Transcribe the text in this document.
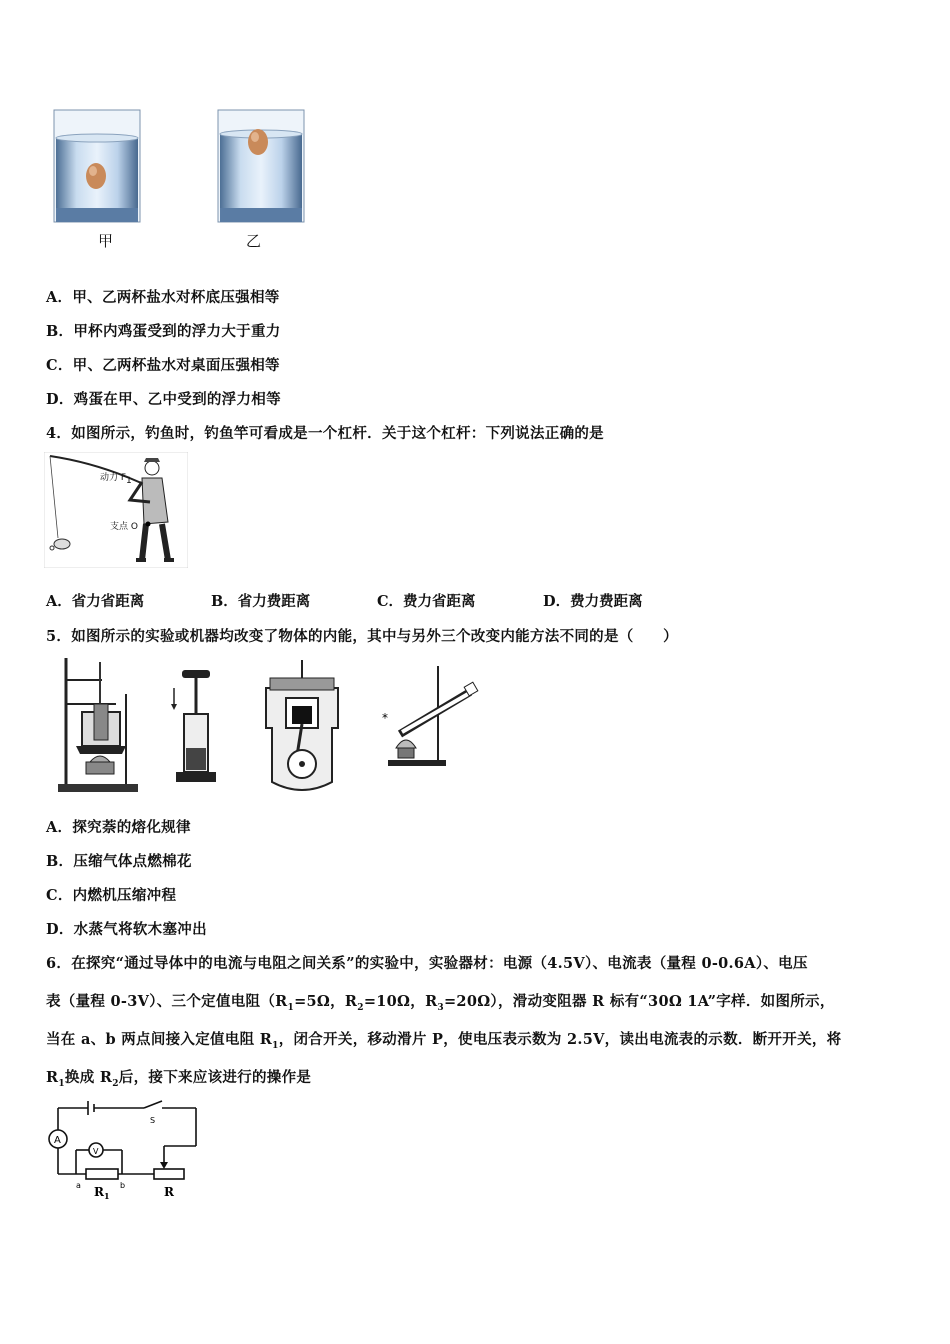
甲	乙
A．甲、乙两杯盐水对杯底压强相等
B．甲杯内鸡蛋受到的浮力大于重力
C．甲、乙两杯盐水对桌面压强相等
D．鸡蛋在甲、乙中受到的浮力相等
4．如图所示，钓鱼时，钓鱼竿可看成是一个杠杆．关于这个杠杆：下列说法正确的是
动力 $F_1$
支点 O
A．省力省距离	B．省力费距离	C．费力省距离	D．费力费距离
5．如图所示的实验或机器均改变了物体的内能，其中与另外三个改变内能方法不同的是（　　）
*
A．探究萘的熔化规律
B．压缩气体点燃棉花
C．内燃机压缩冲程
D．水蒸气将软木塞冲出
6．在探究“通过导体中的电流与电阻之间关系”的实验中，实验器材：电源（4.5V）、电流表（量程 0-0.6A）、电压
表（量程 0-3V）、三个定值电阻（$R_1=5\Omega$，$R_2=10\Omega$，$R_3=20\Omega$），滑动变阻器 R 标有“30Ω 1A”字样．如图所示，
当在 a、b 两点间接入定值电阻 $R_1$，闭合开关，移动滑片 P，使电压表示数为 2.5V，读出电流表的示数．断开开关，将
$R_1$换成 $R_2$后，接下来应该进行的操作是
A
V
S
a	b
$R_1$	R
